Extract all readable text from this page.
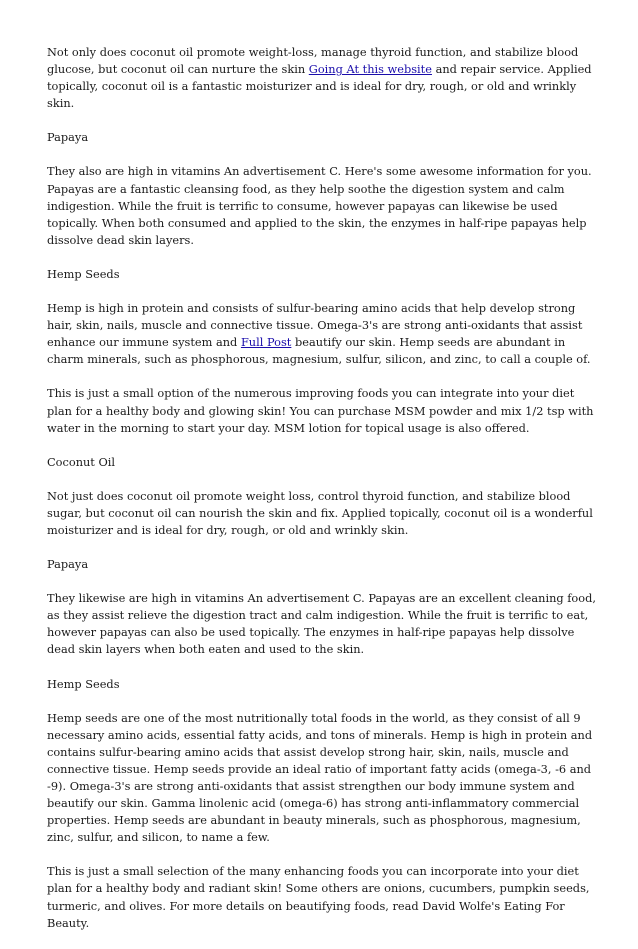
Not only does coconut oil promote weight-loss, manage thyroid function, and stabilize blood glucose, but coconut oil can nurture the skin Going At this website and repair service. Applied topically, coconut oil is a fantastic moisturizer and is ideal for dry, rough, or old and wrinkly skin.

Papaya

They also are high in vitamins An advertisement C. Here's some awesome information for you. Papayas are a fantastic cleansing food, as they help soothe the digestion system and calm indigestion. While the fruit is terrific to consume, however papayas can likewise be used topically. When both consumed and applied to the skin, the enzymes in half-ripe papayas help dissolve dead skin layers.

Hemp Seeds

Hemp is high in protein and consists of sulfur-bearing amino acids that help develop strong hair, skin, nails, muscle and connective tissue. Omega-3's are strong anti-oxidants that assist enhance our immune system and Full Post beautify our skin. Hemp seeds are abundant in charm minerals, such as phosphorous, magnesium, sulfur, silicon, and zinc, to call a couple of.

This is just a small option of the numerous improving foods you can integrate into your diet plan for a healthy body and glowing skin! You can purchase MSM powder and mix 1/2 tsp with water in the morning to start your day. MSM lotion for topical usage is also offered.

Coconut Oil

Not just does coconut oil promote weight loss, control thyroid function, and stabilize blood sugar, but coconut oil can nourish the skin and fix. Applied topically, coconut oil is a wonderful moisturizer and is ideal for dry, rough, or old and wrinkly skin.

Papaya

They likewise are high in vitamins An advertisement C. Papayas are an excellent cleaning food, as they assist relieve the digestion tract and calm indigestion. While the fruit is terrific to eat, however papayas can also be used topically. The enzymes in half-ripe papayas help dissolve dead skin layers when both eaten and used to the skin.

Hemp Seeds

Hemp seeds are one of the most nutritionally total foods in the world, as they consist of all 9 necessary amino acids, essential fatty acids, and tons of minerals. Hemp is high in protein and contains sulfur-bearing amino acids that assist develop strong hair, skin, nails, muscle and connective tissue. Hemp seeds provide an ideal ratio of important fatty acids (omega-3, -6 and -9). Omega-3's are strong anti-oxidants that assist strengthen our body immune system and beautify our skin. Gamma linolenic acid (omega-6) has strong anti-inflammatory commercial properties. Hemp seeds are abundant in beauty minerals, such as phosphorous, magnesium, zinc, sulfur, and silicon, to name a few.

This is just a small selection of the many enhancing foods you can incorporate into your diet plan for a healthy body and radiant skin! Some others are onions, cucumbers, pumpkin seeds, turmeric, and olives. For more details on beautifying foods, read David Wolfe's Eating For Beauty.
